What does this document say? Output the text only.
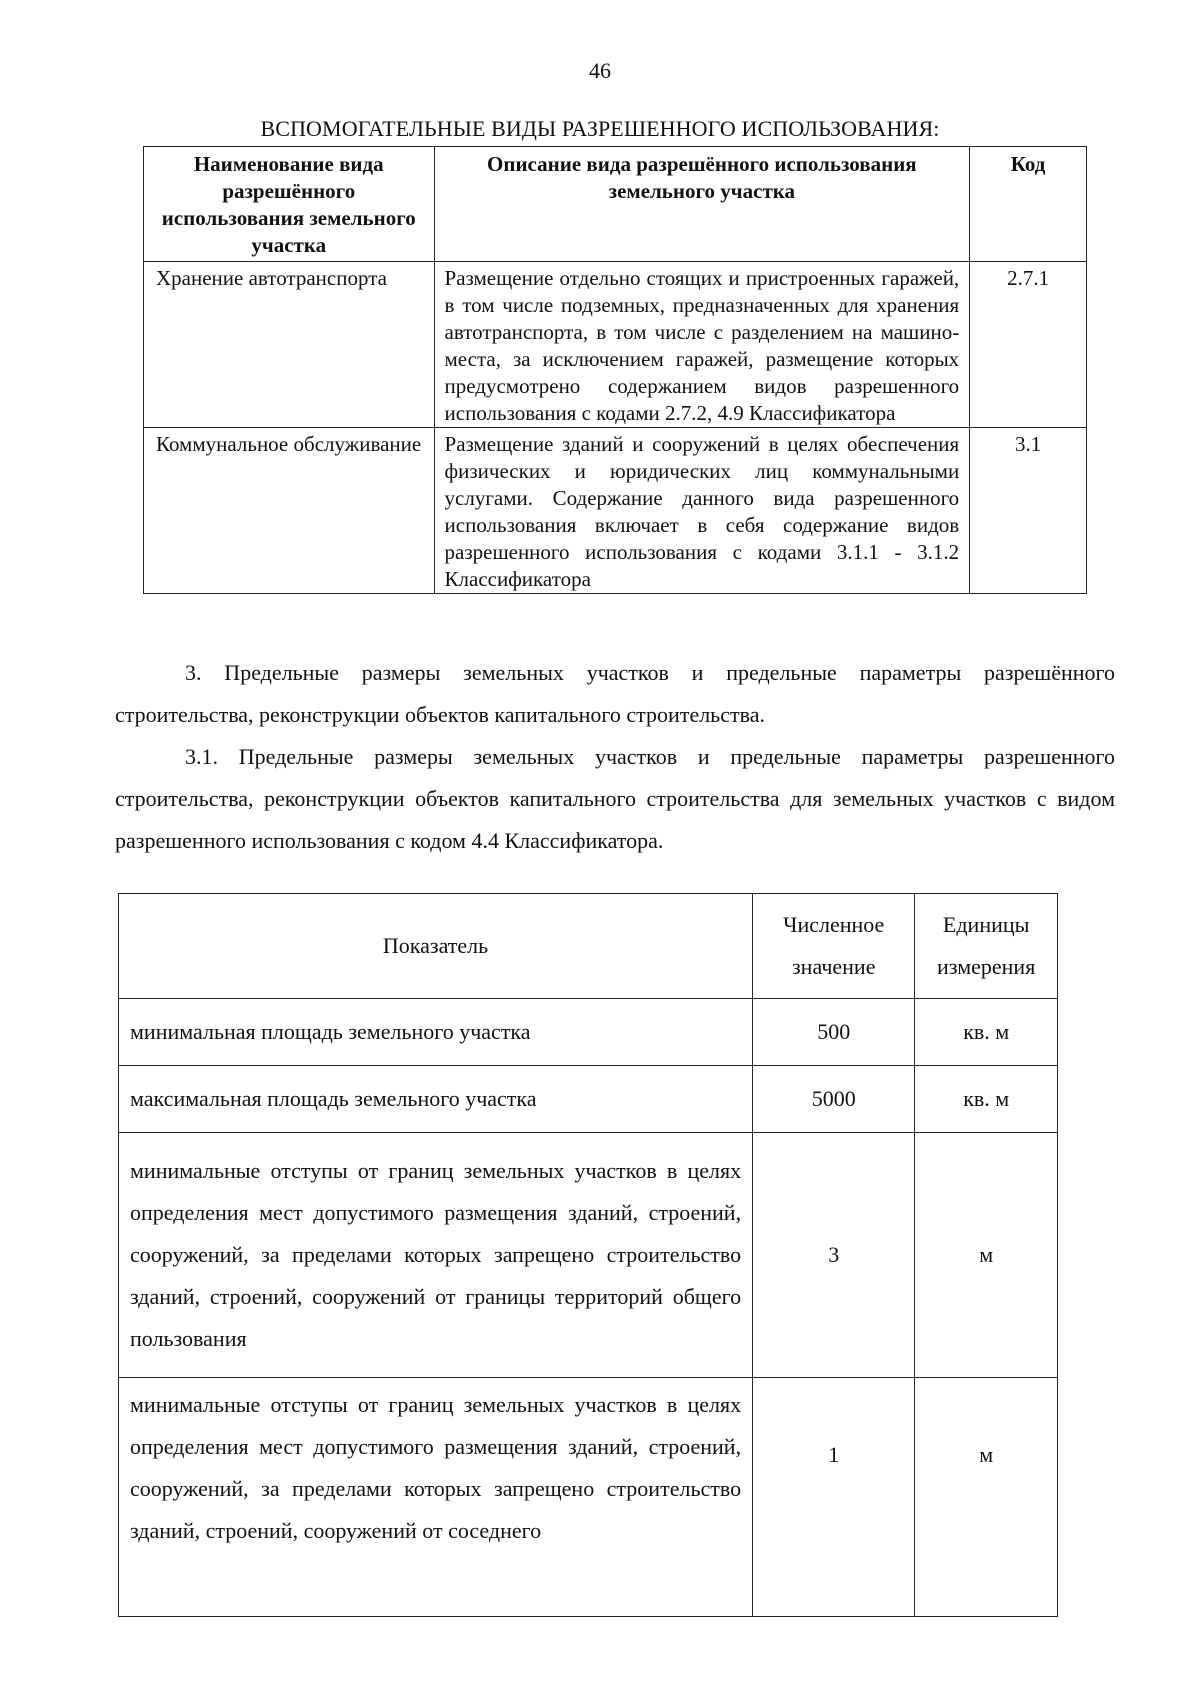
46
ВСПОМОГАТЕЛЬНЫЕ ВИДЫ РАЗРЕШЕННОГО ИСПОЛЬЗОВАНИЯ:
Наименование вида разрешённого использования земельного участка	Описание вида разрешённого использования земельного участка	Код
Хранение автотранспорта	Размещение отдельно стоящих и пристроенных гаражей, в том числе подземных, предназначенных для хранения автотранспорта, в том числе с разделением на машино-места, за исключением гаражей, размещение которых предусмотрено содержанием видов разрешенного использования с кодами 2.7.2, 4.9 Классификатора	2.7.1
Коммунальное обслуживание	Размещение зданий и сооружений в целях обеспечения физических и юридических лиц коммунальными услугами. Содержание данного вида разрешенного использования включает в себя содержание видов разрешенного использования с кодами 3.1.1 - 3.1.2 Классификатора	3.1

3. Предельные размеры земельных участков и предельные параметры разрешённого строительства, реконструкции объектов капитального строительства.

3.1. Предельные размеры земельных участков и предельные параметры разрешенного строительства, реконструкции объектов капитального строительства для земельных участков с видом разрешенного использования с кодом 4.4 Классификатора.

Показатель	Численное значение	Единицы измерения
минимальная площадь земельного участка	500	кв. м
максимальная площадь земельного участка	5000	кв. м
минимальные отступы от границ земельных участков в целях определения мест допустимого размещения зданий, строений, сооружений, за пределами которых запрещено строительство зданий, строений, сооружений от границы территорий общего пользования	3	м
минимальные отступы от границ земельных участков в целях определения мест допустимого размещения зданий, строений, сооружений, за пределами которых запрещено строительство зданий, строений, сооружений от соседнего	1	м
